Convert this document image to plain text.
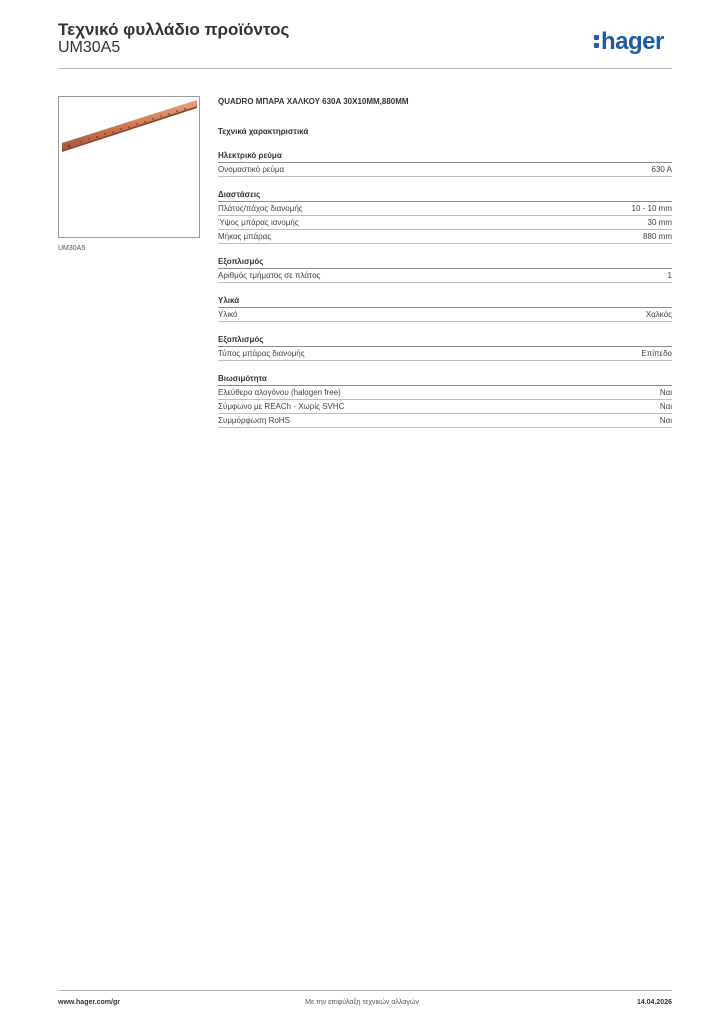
Τεχνικό φυλλάδιο προϊόντος
UM30A5	hager
UM30A5
QUADRO ΜΠΑΡΑ ΧΑΛΚΟΥ 630A 30X10MM,880MM
Τεχνικά χαρακτηριστικά
Ηλεκτρικό ρεύμα
Ονομαστικό ρεύμα	630 A
Διαστάσεις
Πλάτος/πάχος διανομής	10 - 10 mm
Ύψος μπάρας ιανομής	30 mm
Μήκος μπάρας	880 mm
Εξοπλισμός
Αριθμός τμήματος σε πλάτος	1
Υλικά
Υλικό	Χαλκός
Εξοπλισμός
Τύπος μπάρας διανομής	Επίπεδο
Βιωσιμότητα
Ελεύθερο αλογόνου (halogen free)	Ναι
Σύμφωνο με REACh - Χωρίς SVHC	Ναι
Συμμόρφωση RoHS	Ναι
Με την επιφύλαξη τεχνικών αλλαγών
www.hager.com/gr	14.04.2026
